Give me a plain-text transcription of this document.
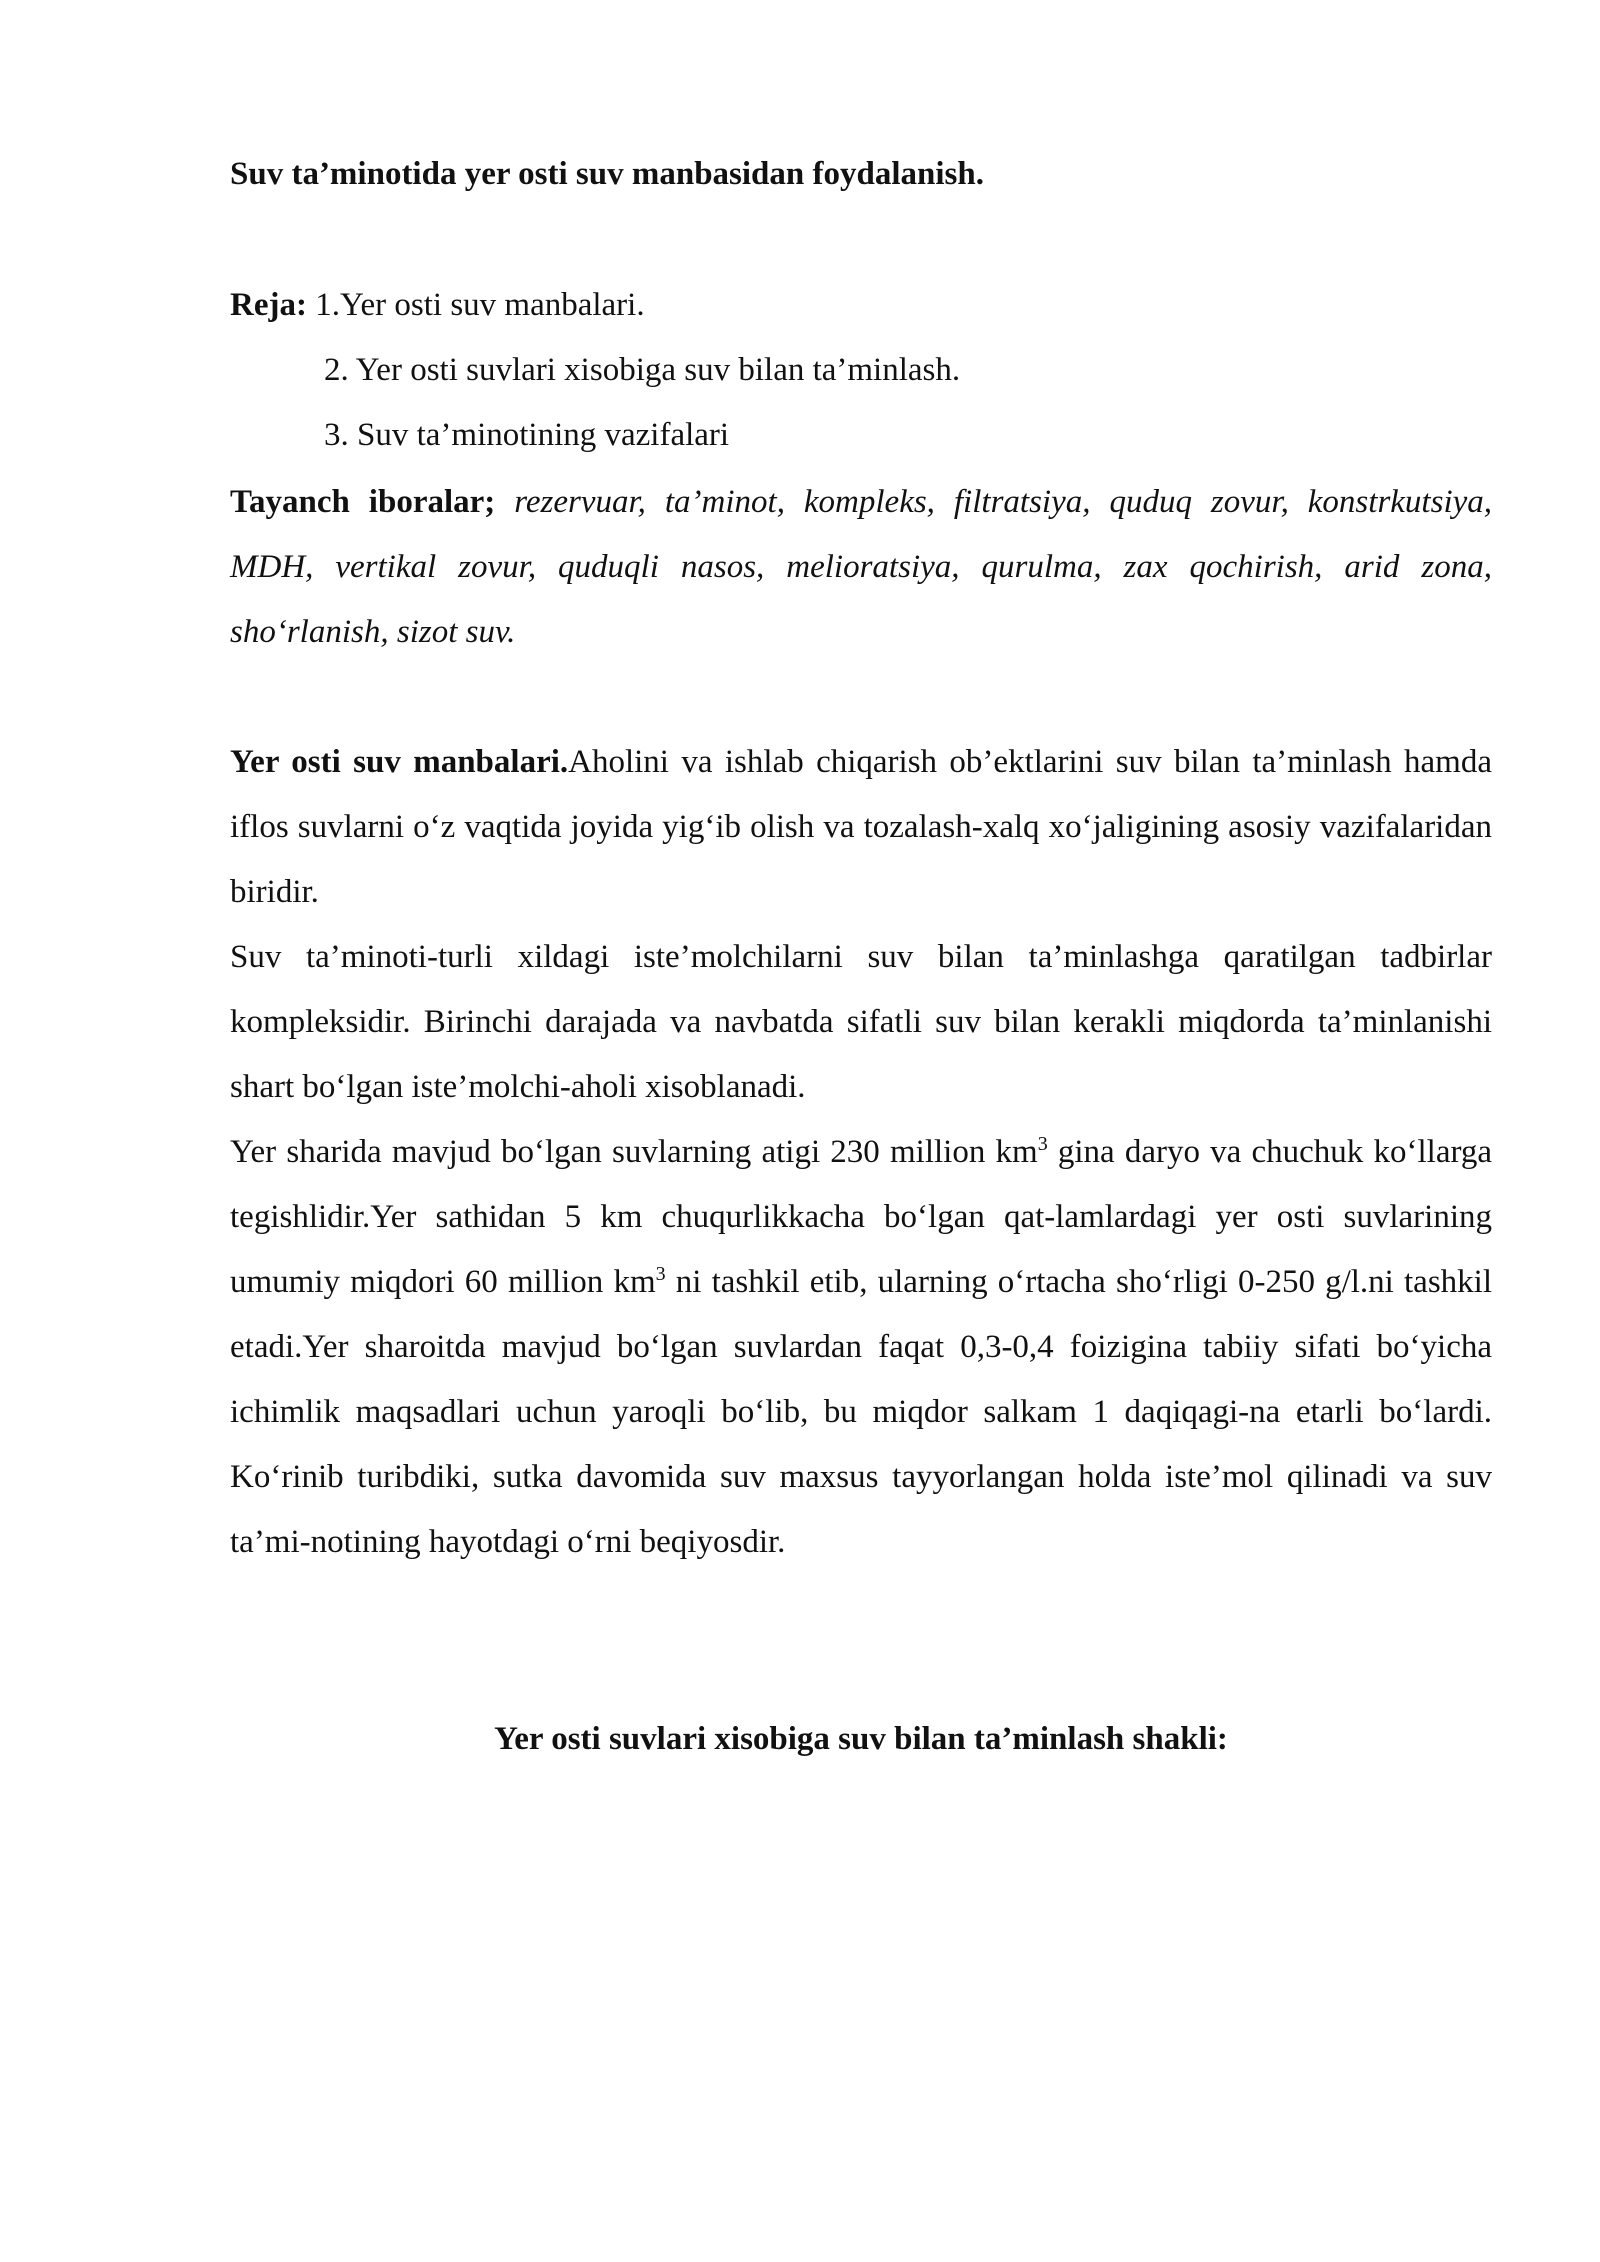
Suv ta’minotida yer osti suv manbasidan foydalanish.
Reja: 1.Yer osti suv manbalari.
2. Yer osti suvlari xisobiga suv bilan ta’minlash.
3. Suv ta’minotining vazifalari
Tayanch iboralar; rezervuar, ta’minot, kompleks, filtratsiya, quduq zovur, konstrkutsiya, MDH, vertikal zovur, quduqli nasos, melioratsiya, qurulma, zax qochirish, arid zona, sho‘rlanish, sizot suv.
Yer osti suv manbalari.Aholini va ishlab chiqarish ob’ektlarini suv bilan ta’minlash hamda iflos suvlarni o‘z vaqtida joyida yig‘ib olish va tozalash-xalq xo‘jaligining asosiy vazifalaridan biridir.
Suv ta’minoti-turli xildagi iste’molchilarni suv bilan ta’minlashga qaratilgan tadbirlar kompleksidir. Birinchi darajada va navbatda sifatli suv bilan kerakli miqdorda ta’minlanishi shart bo‘lgan iste’molchi-aholi xisoblanadi.
Yer sharida mavjud bo‘lgan suvlarning atigi 230 million $km^3$ gina daryo va chuchuk ko‘llarga tegishlidir.Yer sathidan 5 km chuqurlikkacha bo‘lgan qat-lamlardagi yer osti suvlarining umumiy miqdori 60 million $km^3$ ni tashkil etib, ularning o‘rtacha sho‘rligi 0-250 g/l.ni tashkil etadi.Yer sharoitda mavjud bo‘lgan suvlardan faqat 0,3-0,4 foizigina tabiiy sifati bo‘yicha ichimlik maqsadlari uchun yaroqli bo‘lib, bu miqdor salkam 1 daqiqagi-na etarli bo‘lardi. Ko‘rinib turibdiki, sutka davomida suv maxsus tayyorlangan holda iste’mol qilinadi va suv ta’mi-notining hayotdagi o‘rni beqiyosdir.
Yer osti suvlari xisobiga suv bilan ta’minlash shakli:
